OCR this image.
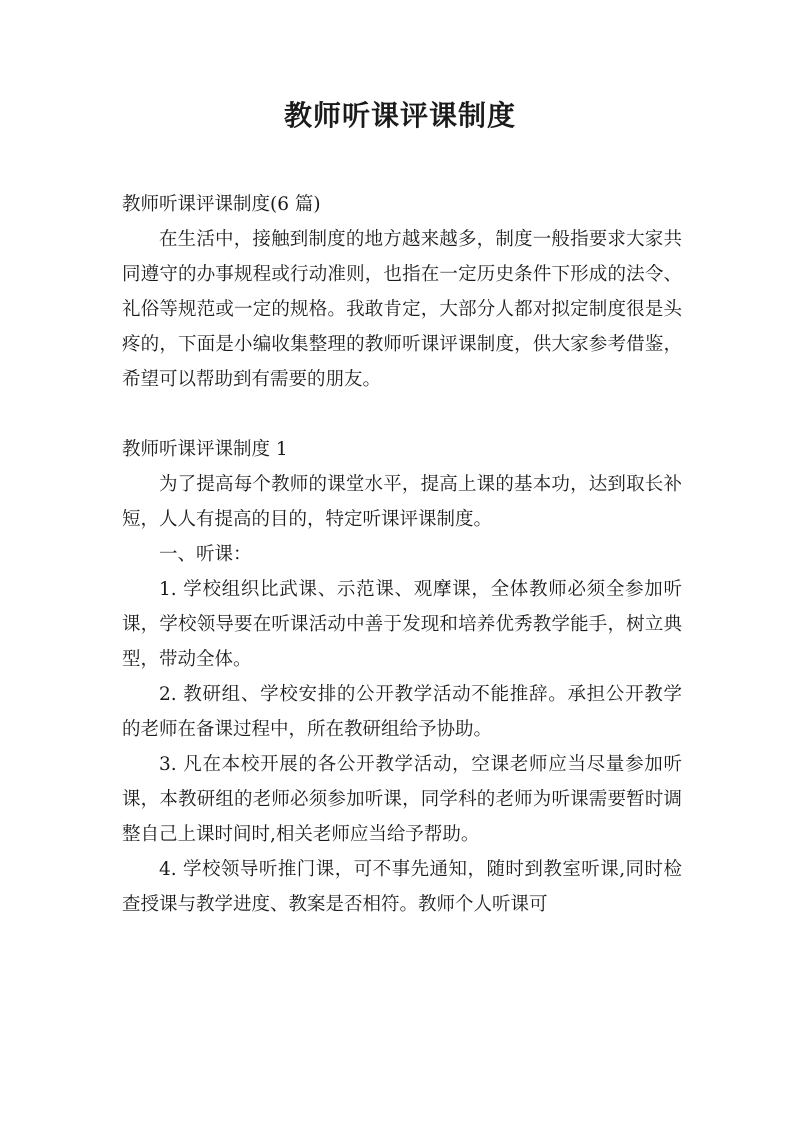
教师听课评课制度

教师听课评课制度(6 篇)

在生活中，接触到制度的地方越来越多，制度一般指要求大家共同遵守的办事规程或行动准则，也指在一定历史条件下形成的法令、礼俗等规范或一定的规格。我敢肯定，大部分人都对拟定制度很是头疼的，下面是小编收集整理的教师听课评课制度，供大家参考借鉴，希望可以帮助到有需要的朋友。

教师听课评课制度 1

为了提高每个教师的课堂水平，提高上课的基本功，达到取长补短，人人有提高的目的，特定听课评课制度。

一、听课：

1. 学校组织比武课、示范课、观摩课，全体教师必须全参加听课，学校领导要在听课活动中善于发现和培养优秀教学能手，树立典型，带动全体。

2. 教研组、学校安排的公开教学活动不能推辞。承担公开教学的老师在备课过程中，所在教研组给予协助。

3. 凡在本校开展的各公开教学活动，空课老师应当尽量参加听课，本教研组的老师必须参加听课，同学科的老师为听课需要暂时调整自己上课时间时,相关老师应当给予帮助。

4. 学校领导听推门课，可不事先通知，随时到教室听课,同时检查授课与教学进度、教案是否相符。教师个人听课可
